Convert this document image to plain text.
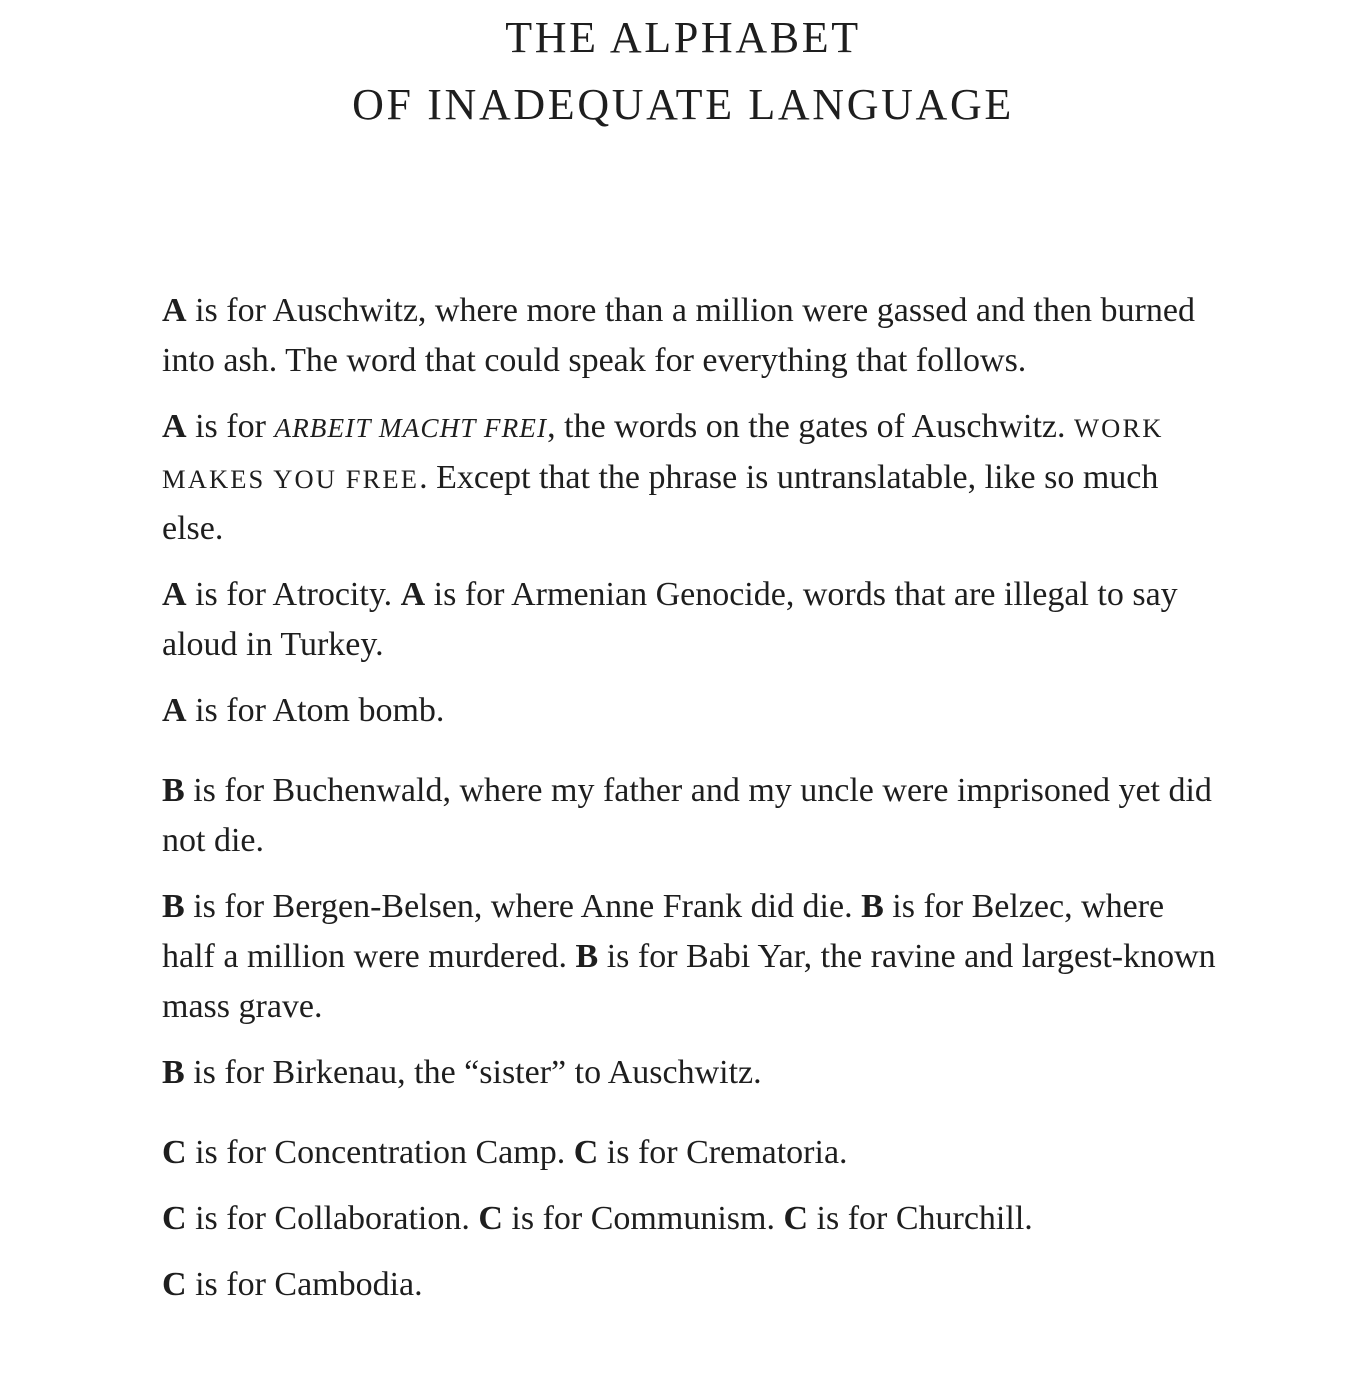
THE ALPHABET
OF INADEQUATE LANGUAGE

A is for Auschwitz, where more than a million were gassed and then burned into ash. The word that could speak for everything that follows.

A is for ARBEIT MACHT FREI, the words on the gates of Auschwitz. WORK MAKES YOU FREE. Except that the phrase is untranslatable, like so much else.

A is for Atrocity. A is for Armenian Genocide, words that are illegal to say aloud in Turkey.

A is for Atom bomb.

B is for Buchenwald, where my father and my uncle were imprisoned yet did not die.

B is for Bergen-Belsen, where Anne Frank did die. B is for Belzec, where half a million were murdered. B is for Babi Yar, the ravine and largest-known mass grave.

B is for Birkenau, the “sister” to Auschwitz.

C is for Concentration Camp. C is for Crematoria.

C is for Collaboration. C is for Communism. C is for Churchill.

C is for Cambodia.
